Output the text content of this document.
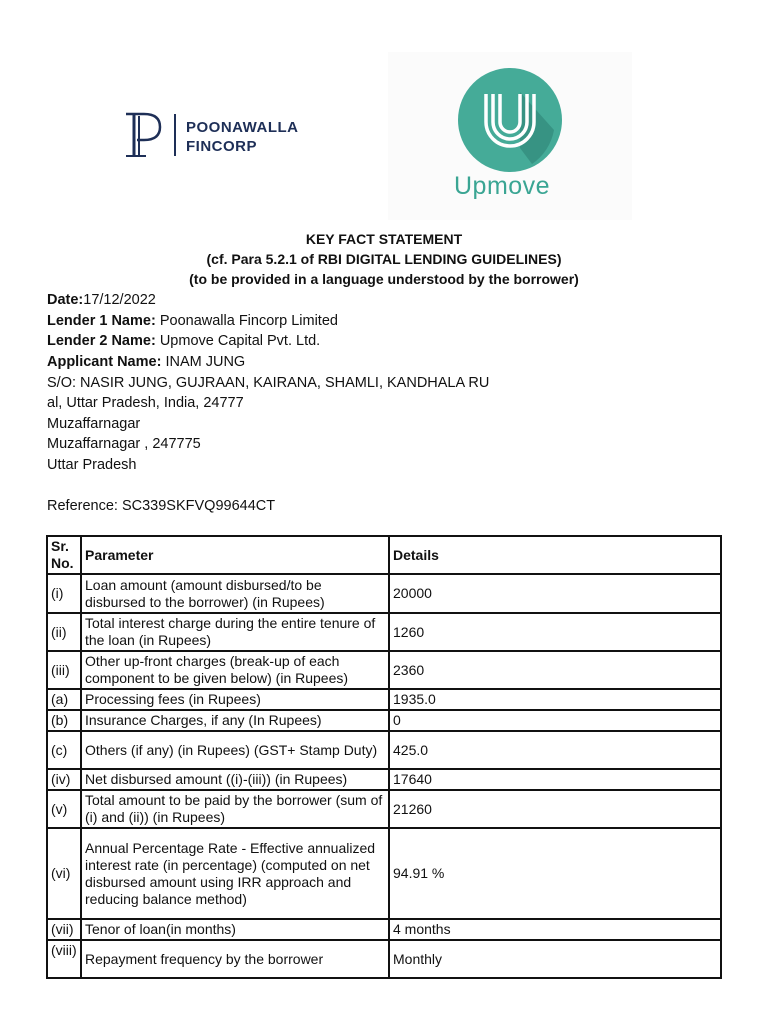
POONAWALLA
FINCORP
Upmove
KEY FACT STATEMENT
(cf. Para 5.2.1 of RBI DIGITAL LENDING GUIDELINES)
(to be provided in a language understood by the borrower)
Date:17/12/2022
Lender 1 Name: Poonawalla Fincorp Limited
Lender 2 Name: Upmove Capital Pvt. Ltd.
Applicant Name: INAM JUNG
S/O: NASIR JUNG, GUJRAAN, KAIRANA, SHAMLI, KANDHALA RU
al, Uttar Pradesh, India, 24777
Muzaffarnagar
Muzaffarnagar , 247775
Uttar Pradesh
Reference: SC339SKFVQ99644CT
Sr. No.	Parameter	Details
(i)	Loan amount (amount disbursed/to be disbursed to the borrower) (in Rupees)	20000
(ii)	Total interest charge during the entire tenure of the loan (in Rupees)	1260
(iii)	Other up-front charges (break-up of each component to be given below) (in Rupees)	2360
(a)	Processing fees (in Rupees)	1935.0
(b)	Insurance Charges, if any (In Rupees)	0
(c)	Others (if any) (in Rupees) (GST+ Stamp Duty)	425.0
(iv)	Net disbursed amount ((i)-(iii)) (in Rupees)	17640
(v)	Total amount to be paid by the borrower (sum of (i) and (ii)) (in Rupees)	21260
(vi)	Annual Percentage Rate - Effective annualized interest rate (in percentage) (computed on net disbursed amount using IRR approach and reducing balance method)	94.91 %
(vii)	Tenor of loan(in months)	4 months
(viii)	Repayment frequency by the borrower	Monthly
